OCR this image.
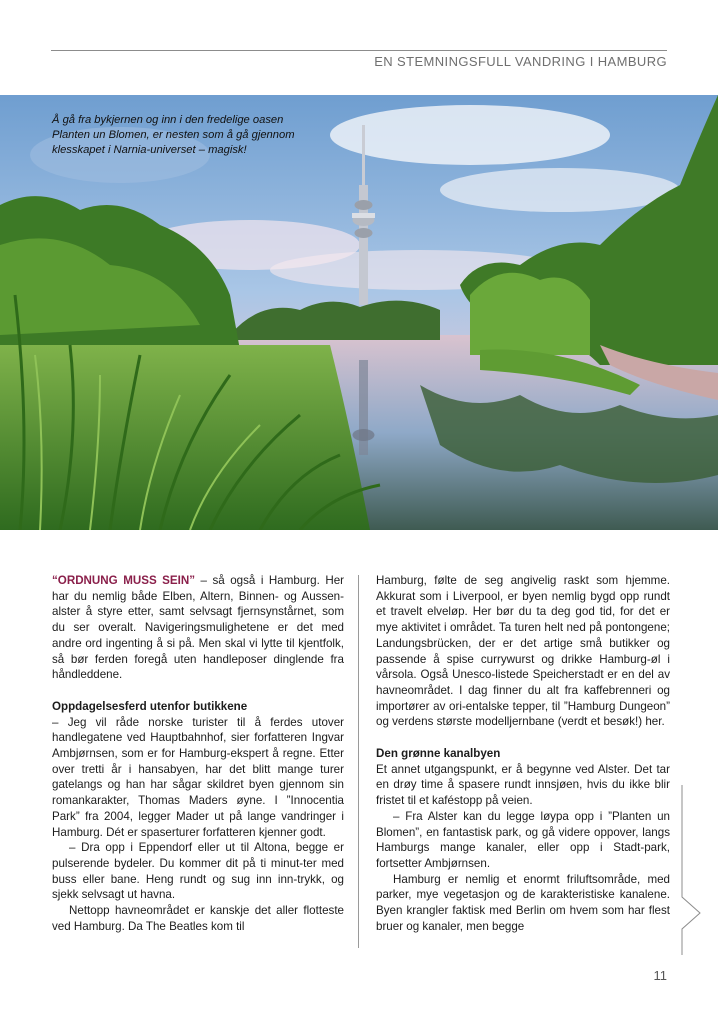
EN STEMNINGSFULL VANDRING I HAMBURG
Å gå fra bykjernen og inn i den fredelige oasen
Planten un Blomen, er nesten som å gå gjennom
klesskapet i Narnia-universet – magisk!

“ORDNUNG MUSS SEIN” – så også i Hamburg. Her har du nemlig både Elben, Altern, Binnen- og Aussen-alster å styre etter, samt selvsagt fjernsynstårnet, som du ser overalt. Navigeringsmulighetene er det med andre ord ingenting å si på. Men skal vi lytte til kjentfolk, så bør ferden foregå uten handleposer dinglende fra håndleddene.

Oppdagelsesferd utenfor butikkene

– Jeg vil råde norske turister til å ferdes utover handlegatene ved Hauptbahnhof, sier forfatteren Ingvar Ambjørnsen, som er for Hamburg-ekspert å regne. Etter over tretti år i hansabyen, har det blitt mange turer gatelangs og han har sågar skildret byen gjennom sin romankarakter, Thomas Maders øyne. I ”Innocentia Park” fra 2004, legger Mader ut på lange vandringer i Hamburg. Dét er spaserturer forfatteren kjenner godt.

– Dra opp i Eppendorf eller ut til Altona, begge er pulserende bydeler. Du kommer dit på ti minut-ter med buss eller bane. Heng rundt og sug inn inn-trykk, og sjekk selvsagt ut havna.

Nettopp havneområdet er kanskje det aller flotteste ved Hamburg. Da The Beatles kom til

Hamburg, følte de seg angivelig raskt som hjemme. Akkurat som i Liverpool, er byen nemlig bygd opp rundt et travelt elveløp. Her bør du ta deg god tid, for det er mye aktivitet i området. Ta turen helt ned på pontongene; Landungsbrücken, der er det artige små butikker og passende å spise currywurst og drikke Hamburg-øl i vårsola. Også Unesco-listede Speicherstadt er en del av havneområdet. I dag finner du alt fra kaffebrenneri og importører av ori-entalske tepper, til ”Hamburg Dungeon” og verdens største modelljernbane (verdt et besøk!) her.

Den grønne kanalbyen

Et annet utgangspunkt, er å begynne ved Alster. Det tar en drøy time å spasere rundt innsjøen, hvis du ikke blir fristet til et kaféstopp på veien.

– Fra Alster kan du legge løypa opp i ”Planten un Blomen”, en fantastisk park, og gå videre oppover, langs Hamburgs mange kanaler, eller opp i Stadt-park, fortsetter Ambjørnsen.

Hamburg er nemlig et enormt friluftsområde, med parker, mye vegetasjon og de karakteristiske kanalene. Byen krangler faktisk med Berlin om hvem som har flest bruer og kanaler, men begge

11
